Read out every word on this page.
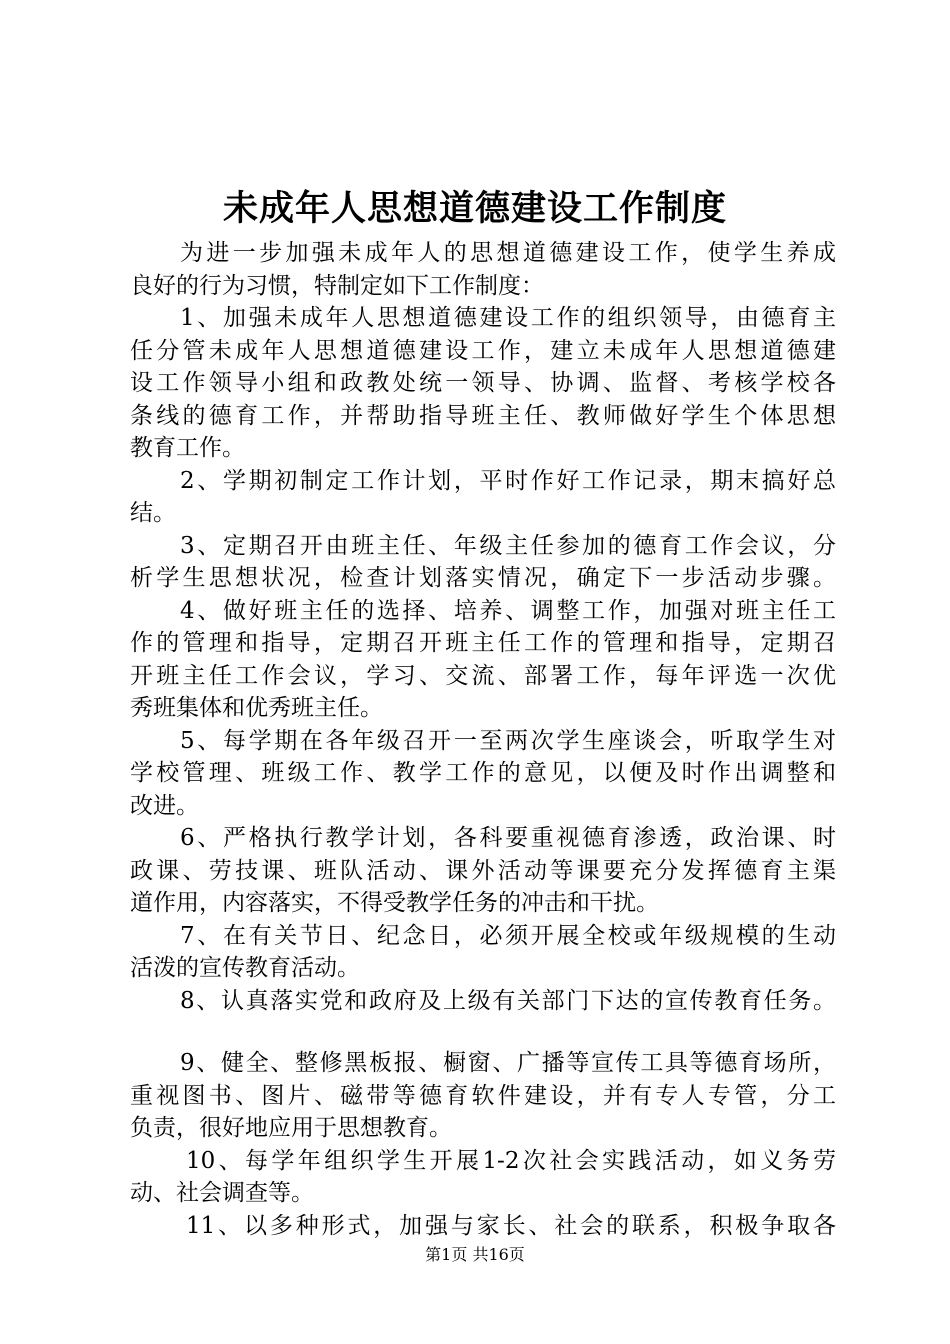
未成年人思想道德建设工作制度
为进一步加强未成年人的思想道德建设工作，使学生养成
良好的行为习惯，特制定如下工作制度：
1、加强未成年人思想道德建设工作的组织领导，由德育主
任分管未成年人思想道德建设工作，建立未成年人思想道德建
设工作领导小组和政教处统一领导、协调、监督、考核学校各
条线的德育工作，并帮助指导班主任、教师做好学生个体思想
教育工作。
2、学期初制定工作计划，平时作好工作记录，期末搞好总
结。
3、定期召开由班主任、年级主任参加的德育工作会议，分
析学生思想状况，检查计划落实情况，确定下一步活动步骤。
4、做好班主任的选择、培养、调整工作，加强对班主任工
作的管理和指导，定期召开班主任工作的管理和指导，定期召
开班主任工作会议，学习、交流、部署工作，每年评选一次优
秀班集体和优秀班主任。
5、每学期在各年级召开一至两次学生座谈会，听取学生对
学校管理、班级工作、教学工作的意见，以便及时作出调整和
改进。
6、严格执行教学计划，各科要重视德育渗透，政治课、时
政课、劳技课、班队活动、课外活动等课要充分发挥德育主渠
道作用，内容落实，不得受教学任务的冲击和干扰。
7、在有关节日、纪念日，必须开展全校或年级规模的生动
活泼的宣传教育活动。
8、认真落实党和政府及上级有关部门下达的宣传教育任务。
9、健全、整修黑板报、橱窗、广播等宣传工具等德育场所，
重视图书、图片、磁带等德育软件建设，并有专人专管，分工
负责，很好地应用于思想教育。
10、每学年组织学生开展1-2次社会实践活动，如义务劳
动、社会调查等。
11、以多种形式，加强与家长、社会的联系，积极争取各
第1页 共16页
